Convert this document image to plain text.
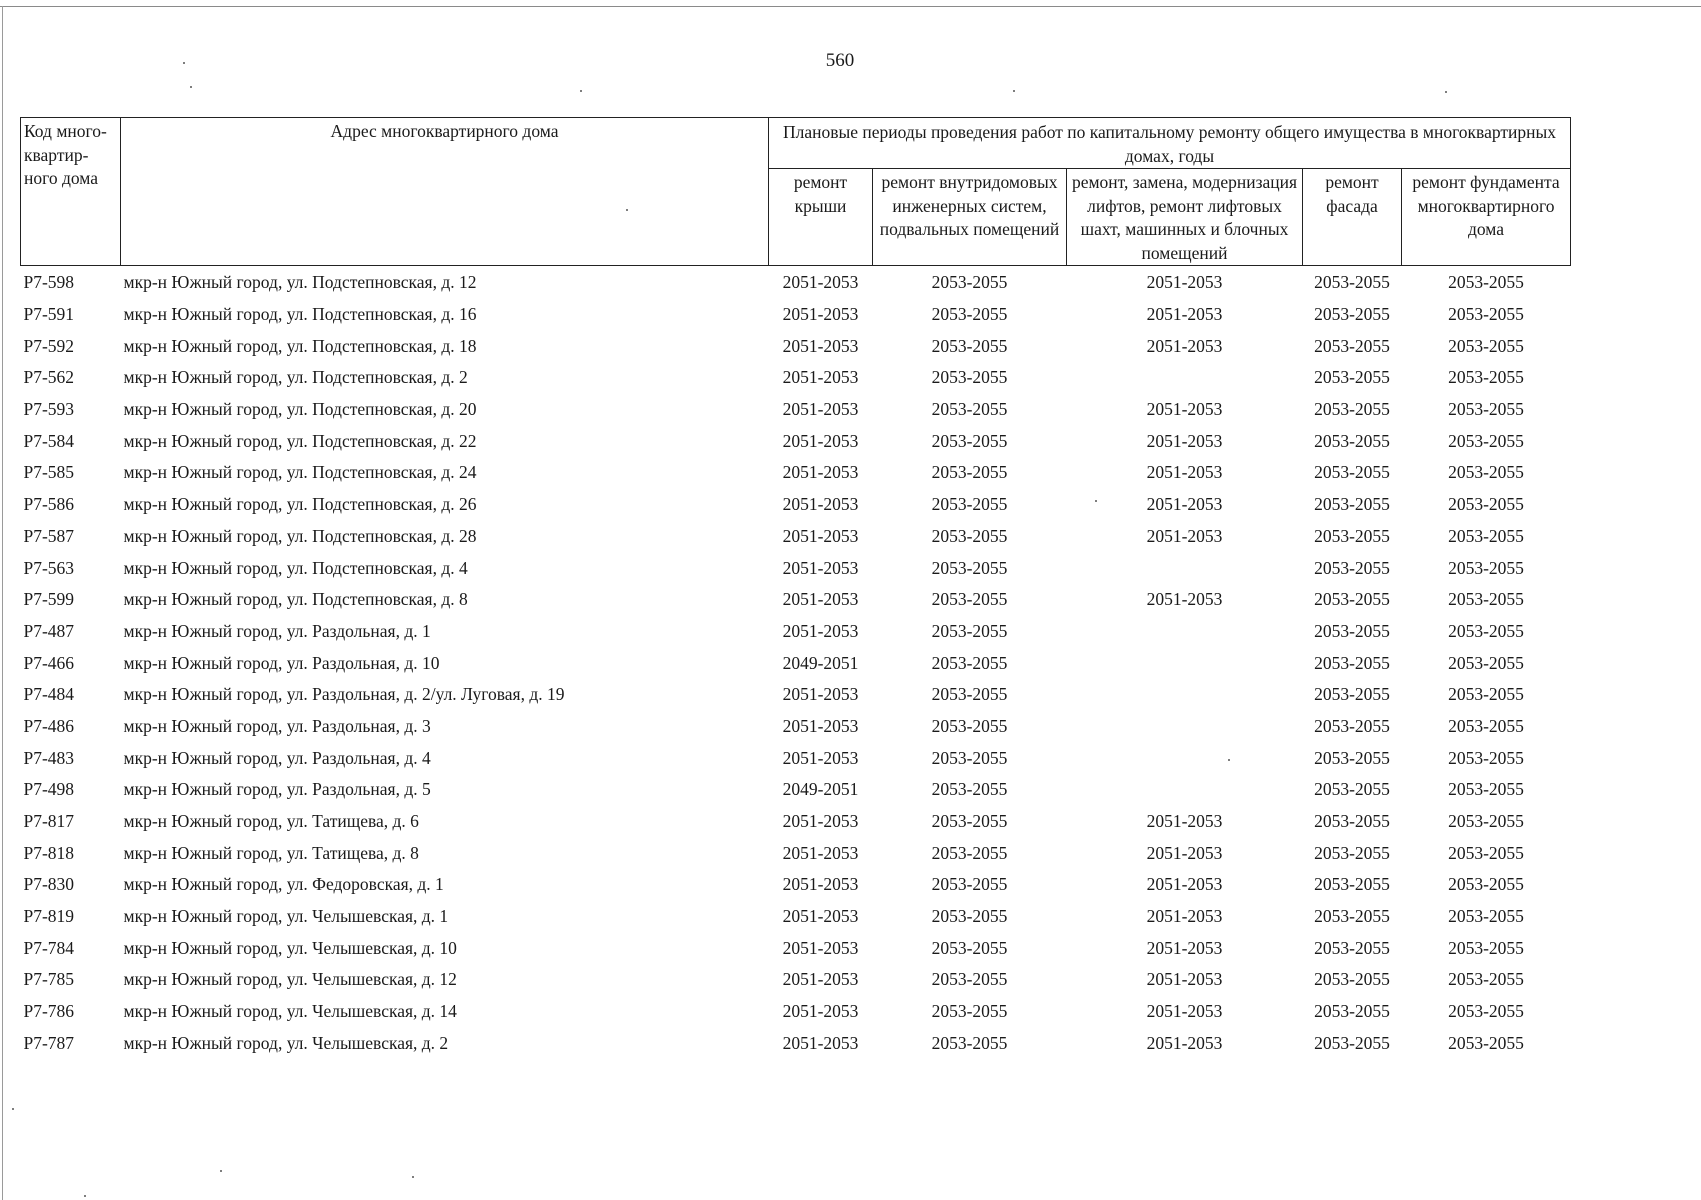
560
Код много-квартир-ного дома	Адрес многоквартирного дома	Плановые периоды проведения работ по капитальному ремонту общего имущества в многоквартирных домах, годы				
		ремонт крыши	ремонт внутридомовых инженерных систем, подвальных помещений	ремонт, замена, модернизация лифтов, ремонт лифтовых шахт, машинных и блочных помещений	ремонт фасада	ремонт фундамента многоквартирного дома
Р7-598	мкр-н Южный город, ул. Подстепновская, д. 12	2051-2053	2053-2055	2051-2053	2053-2055	2053-2055
Р7-591	мкр-н Южный город, ул. Подстепновская, д. 16	2051-2053	2053-2055	2051-2053	2053-2055	2053-2055
Р7-592	мкр-н Южный город, ул. Подстепновская, д. 18	2051-2053	2053-2055	2051-2053	2053-2055	2053-2055
Р7-562	мкр-н Южный город, ул. Подстепновская, д. 2	2051-2053	2053-2055		2053-2055	2053-2055
Р7-593	мкр-н Южный город, ул. Подстепновская, д. 20	2051-2053	2053-2055	2051-2053	2053-2055	2053-2055
Р7-584	мкр-н Южный город, ул. Подстепновская, д. 22	2051-2053	2053-2055	2051-2053	2053-2055	2053-2055
Р7-585	мкр-н Южный город, ул. Подстепновская, д. 24	2051-2053	2053-2055	2051-2053	2053-2055	2053-2055
Р7-586	мкр-н Южный город, ул. Подстепновская, д. 26	2051-2053	2053-2055	2051-2053	2053-2055	2053-2055
Р7-587	мкр-н Южный город, ул. Подстепновская, д. 28	2051-2053	2053-2055	2051-2053	2053-2055	2053-2055
Р7-563	мкр-н Южный город, ул. Подстепновская, д. 4	2051-2053	2053-2055		2053-2055	2053-2055
Р7-599	мкр-н Южный город, ул. Подстепновская, д. 8	2051-2053	2053-2055	2051-2053	2053-2055	2053-2055
Р7-487	мкр-н Южный город, ул. Раздольная, д. 1	2051-2053	2053-2055		2053-2055	2053-2055
Р7-466	мкр-н Южный город, ул. Раздольная, д. 10	2049-2051	2053-2055		2053-2055	2053-2055
Р7-484	мкр-н Южный город, ул. Раздольная, д. 2/ул. Луговая, д. 19	2051-2053	2053-2055		2053-2055	2053-2055
Р7-486	мкр-н Южный город, ул. Раздольная, д. 3	2051-2053	2053-2055		2053-2055	2053-2055
Р7-483	мкр-н Южный город, ул. Раздольная, д. 4	2051-2053	2053-2055		2053-2055	2053-2055
Р7-498	мкр-н Южный город, ул. Раздольная, д. 5	2049-2051	2053-2055		2053-2055	2053-2055
Р7-817	мкр-н Южный город, ул. Татищева, д. 6	2051-2053	2053-2055	2051-2053	2053-2055	2053-2055
Р7-818	мкр-н Южный город, ул. Татищева, д. 8	2051-2053	2053-2055	2051-2053	2053-2055	2053-2055
Р7-830	мкр-н Южный город, ул. Федоровская, д. 1	2051-2053	2053-2055	2051-2053	2053-2055	2053-2055
Р7-819	мкр-н Южный город, ул. Челышевская, д. 1	2051-2053	2053-2055	2051-2053	2053-2055	2053-2055
Р7-784	мкр-н Южный город, ул. Челышевская, д. 10	2051-2053	2053-2055	2051-2053	2053-2055	2053-2055
Р7-785	мкр-н Южный город, ул. Челышевская, д. 12	2051-2053	2053-2055	2051-2053	2053-2055	2053-2055
Р7-786	мкр-н Южный город, ул. Челышевская, д. 14	2051-2053	2053-2055	2051-2053	2053-2055	2053-2055
Р7-787	мкр-н Южный город, ул. Челышевская, д. 2	2051-2053	2053-2055	2051-2053	2053-2055	2053-2055
